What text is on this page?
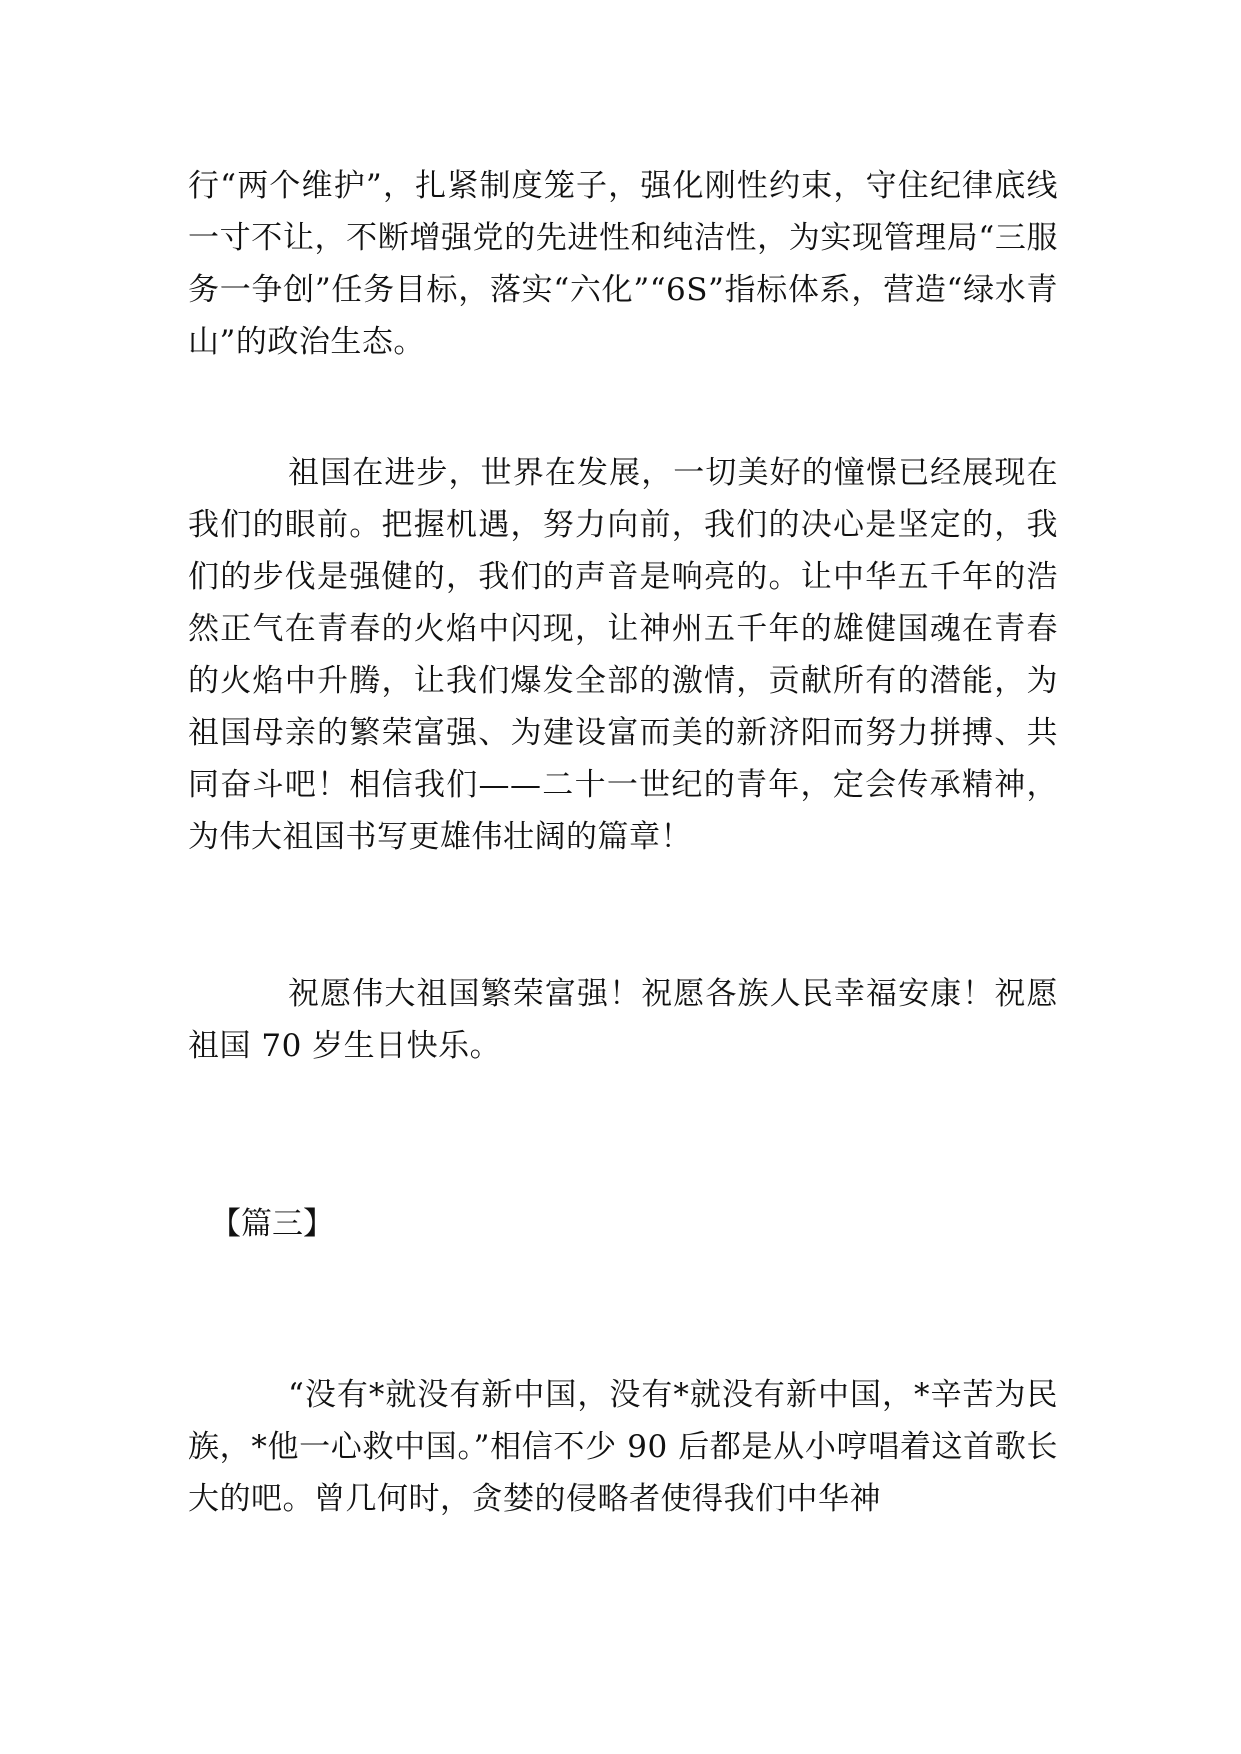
行“两个维护”，扎紧制度笼子，强化刚性约束，守住纪律底线一寸不让，不断增强党的先进性和纯洁性，为实现管理局“三服务一争创”任务目标，落实“六化”“6S”指标体系，营造“绿水青山”的政治生态。

祖国在进步，世界在发展，一切美好的憧憬已经展现在我们的眼前。把握机遇，努力向前，我们的决心是坚定的，我们的步伐是强健的，我们的声音是响亮的。让中华五千年的浩然正气在青春的火焰中闪现，让神州五千年的雄健国魂在青春的火焰中升腾，让我们爆发全部的激情，贡献所有的潜能，为祖国母亲的繁荣富强、为建设富而美的新济阳而努力拼搏、共同奋斗吧！相信我们——二十一世纪的青年，定会传承精神，为伟大祖国书写更雄伟壮阔的篇章！

祝愿伟大祖国繁荣富强！祝愿各族人民幸福安康！祝愿祖国 70 岁生日快乐。

【篇三】

“没有*就没有新中国，没有*就没有新中国，*辛苦为民族，*他一心救中国。”相信不少 90 后都是从小哼唱着这首歌长大的吧。曾几何时，贪婪的侵略者使得我们中华神
